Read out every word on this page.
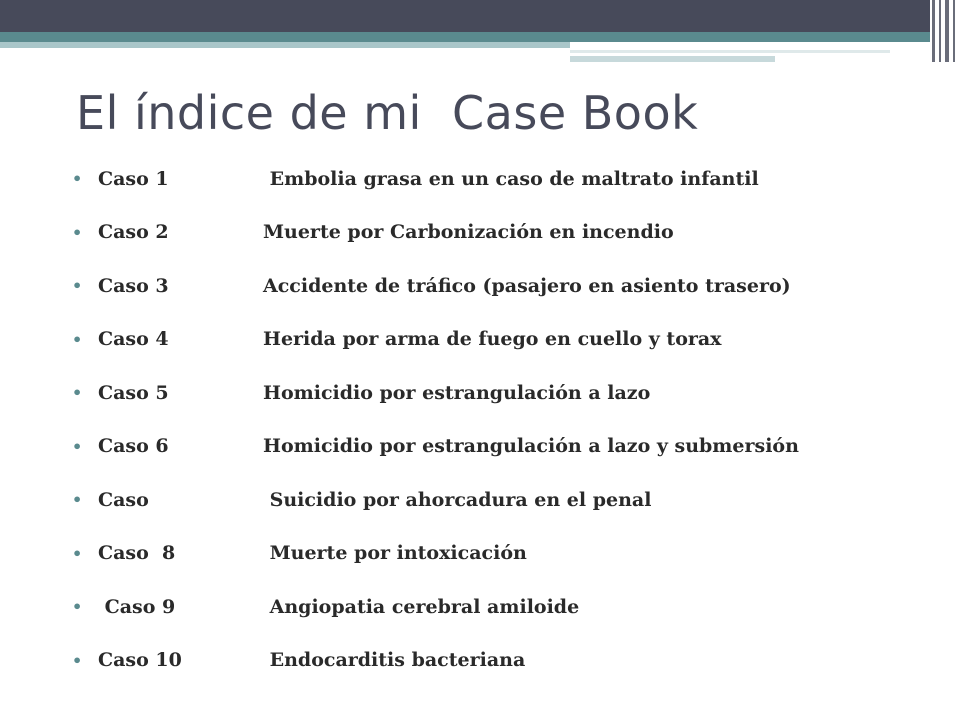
El índice de mi  Case Book
• Caso 1	Embolia grasa en un caso de maltrato infantil
• Caso 2	Muerte por Carbonización en incendio
• Caso 3	Accidente de tráfico (pasajero en asiento trasero)
• Caso 4	Herida por arma de fuego en cuello y torax
• Caso 5	Homicidio por estrangulación a lazo
• Caso 6	Homicidio por estrangulación a lazo y submersión
• Caso	Suicidio por ahorcadura en el penal
• Caso  8	Muerte por intoxicación
• Caso 9	Angiopatia cerebral amiloide
• Caso 10	Endocarditis bacteriana
